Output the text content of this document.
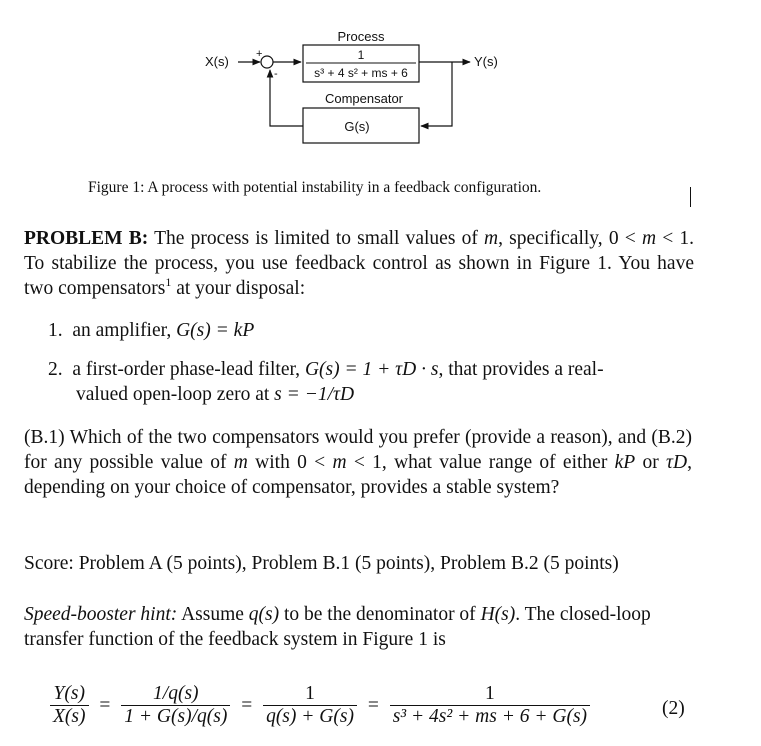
X(s) +
-
Process
1
s³ + 4 s² + ms + 6
Y(s)
Compensator
G(s)
Figure 1: A process with potential instability in a feedback configuration.
PROBLEM B: The process is limited to small values of m, specifically, 0 < m < 1. To stabilize the process, you use feedback control as shown in Figure 1. You have two compensators$^1$ at your disposal:
1. an amplifier, G(s) = kP
2. a first-order phase-lead filter, G(s) = 1 + τD · s, that provides a real-
valued open-loop zero at s = −1/τD
(B.1) Which of the two compensators would you prefer (provide a reason), and (B.2) for any possible value of m with 0 < m < 1, what value range of either kP or τD, depending on your choice of compensator, provides a stable system?
Score: Problem A (5 points), Problem B.1 (5 points), Problem B.2 (5 points)
Speed-booster hint: Assume q(s) to be the denominator of H(s). The closed-loop transfer function of the feedback system in Figure 1 is
$\frac{Y(s)}{X(s)} = \frac{1/q(s)}{1 + G(s)/q(s)} = \frac{1}{q(s) + G(s)} = \frac{1}{\text{s³ + 4s² + ms + 6 + G(s)}}$	(2)
